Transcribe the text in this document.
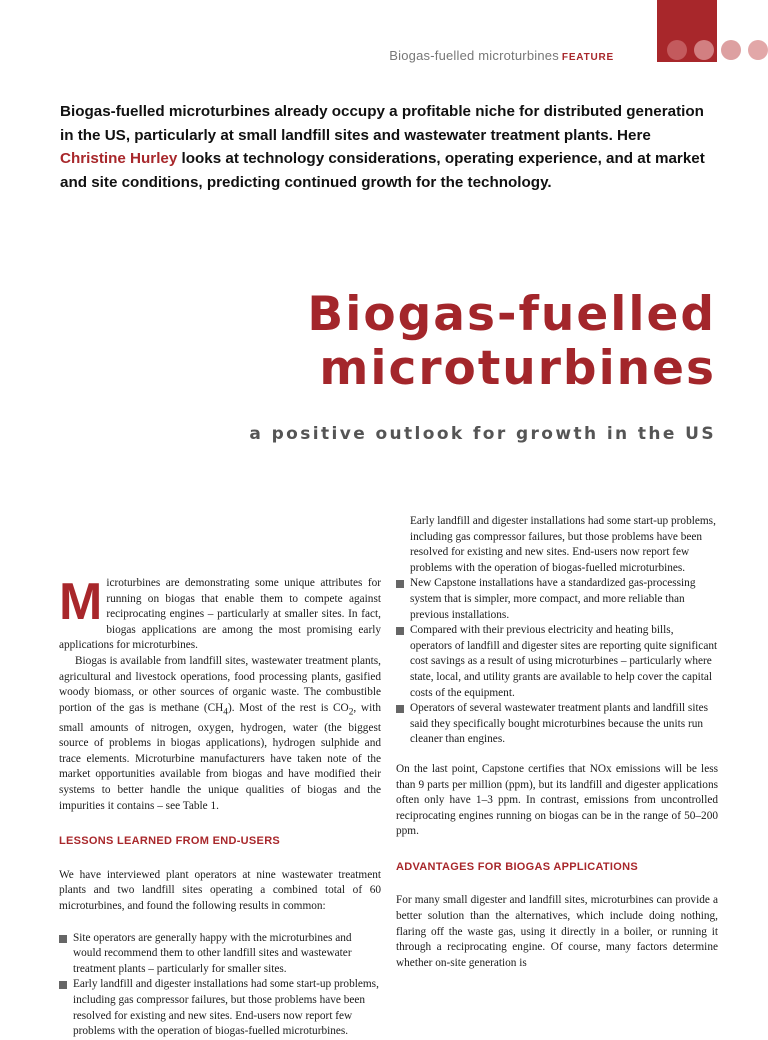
Biogas-fuelled microturbines FEATURE
Biogas-fuelled microturbines already occupy a profitable niche for distributed generation in the US, particularly at small landfill sites and wastewater treatment plants. Here Christine Hurley looks at technology considerations, operating experience, and at market and site conditions, predicting continued growth for the technology.
Biogas-fuelled
microturbines
a positive outlook for growth in the US

Microturbines are demonstrating some unique attributes for running on biogas that enable them to compete against reciprocating engines – particularly at smaller sites. In fact, biogas applications are among the most promising early applications for microturbines.

Biogas is available from landfill sites, wastewater treatment plants, agricultural and livestock operations, food processing plants, gasified woody biomass, or other sources of organic waste. The combustible portion of the gas is methane $(CH_4)$. Most of the rest is $CO_2$, with small amounts of nitrogen, oxygen, hydrogen, water (the biggest source of problems in biogas applications), hydrogen sulphide and trace elements. Microturbine manufacturers have taken note of the market opportunities available from biogas and have modified their systems to better handle the unique qualities of biogas and the impurities it contains – see Table 1.

LESSONS LEARNED FROM END-USERS

We have interviewed plant operators at nine wastewater treatment plants and two landfill sites operating a combined total of 60 microturbines, and found the following results in common:

Site operators are generally happy with the microturbines and would recommend them to other landfill sites and wastewater treatment plants – particularly for smaller sites.

Early landfill and digester installations had some start-up problems, including gas compressor failures, but those problems have been resolved for existing and new sites. End-users now report few problems with the operation of biogas-fuelled microturbines.

Early landfill and digester installations had some start-up problems, including gas compressor failures, but those problems have been resolved for existing and new sites. End-users now report few problems with the operation of biogas-fuelled microturbines.

New Capstone installations have a standardized gas-processing system that is simpler, more compact, and more reliable than previous installations.

Compared with their previous electricity and heating bills, operators of landfill and digester sites are reporting quite significant cost savings as a result of using microturbines – particularly where state, local, and utility grants are available to help cover the capital costs of the equipment.

Operators of several wastewater treatment plants and landfill sites said they specifically bought microturbines because the units run cleaner than engines.

On the last point, Capstone certifies that NOx emissions will be less than 9 parts per million (ppm), but its landfill and digester applications often only have 1–3 ppm. In contrast, emissions from uncontrolled reciprocating engines running on biogas can be in the range of 50–200 ppm.

ADVANTAGES FOR BIOGAS APPLICATIONS

For many small digester and landfill sites, microturbines can provide a better solution than the alternatives, which include doing nothing, flaring off the waste gas, using it directly in a boiler, or running it through a reciprocating engine. Of course, many factors determine whether on-site generation is
